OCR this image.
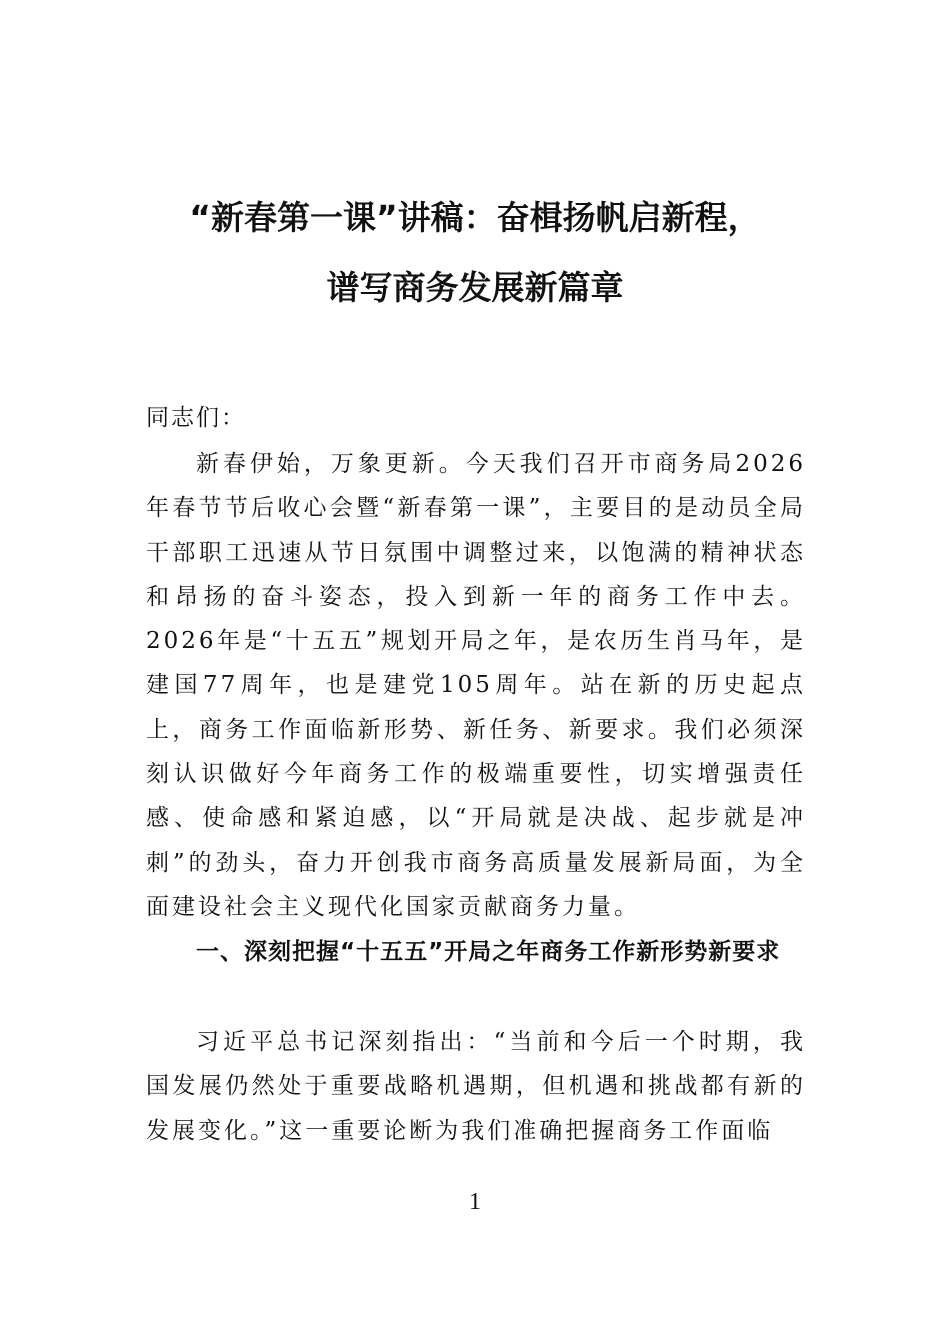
“新春第一课”讲稿：奋楫扬帆启新程，
谱写商务发展新篇章
同志们：
新春伊始，万象更新。今天我们召开市商务局2026年春节节后收心会暨“新春第一课”，主要目的是动员全局干部职工迅速从节日氛围中调整过来，以饱满的精神状态和昂扬的奋斗姿态，投入到新一年的商务工作中去。2026年是“十五五”规划开局之年，是农历生肖马年，是建国77周年，也是建党105周年。站在新的历史起点上，商务工作面临新形势、新任务、新要求。我们必须深刻认识做好今年商务工作的极端重要性，切实增强责任感、使命感和紧迫感，以“开局就是决战、起步就是冲刺”的劲头，奋力开创我市商务高质量发展新局面，为全面建设社会主义现代化国家贡献商务力量。
一、深刻把握“十五五”开局之年商务工作新形势新要求
习近平总书记深刻指出：“当前和今后一个时期，我国发展仍然处于重要战略机遇期，但机遇和挑战都有新的发展变化。”这一重要论断为我们准确把握商务工作面临
1
